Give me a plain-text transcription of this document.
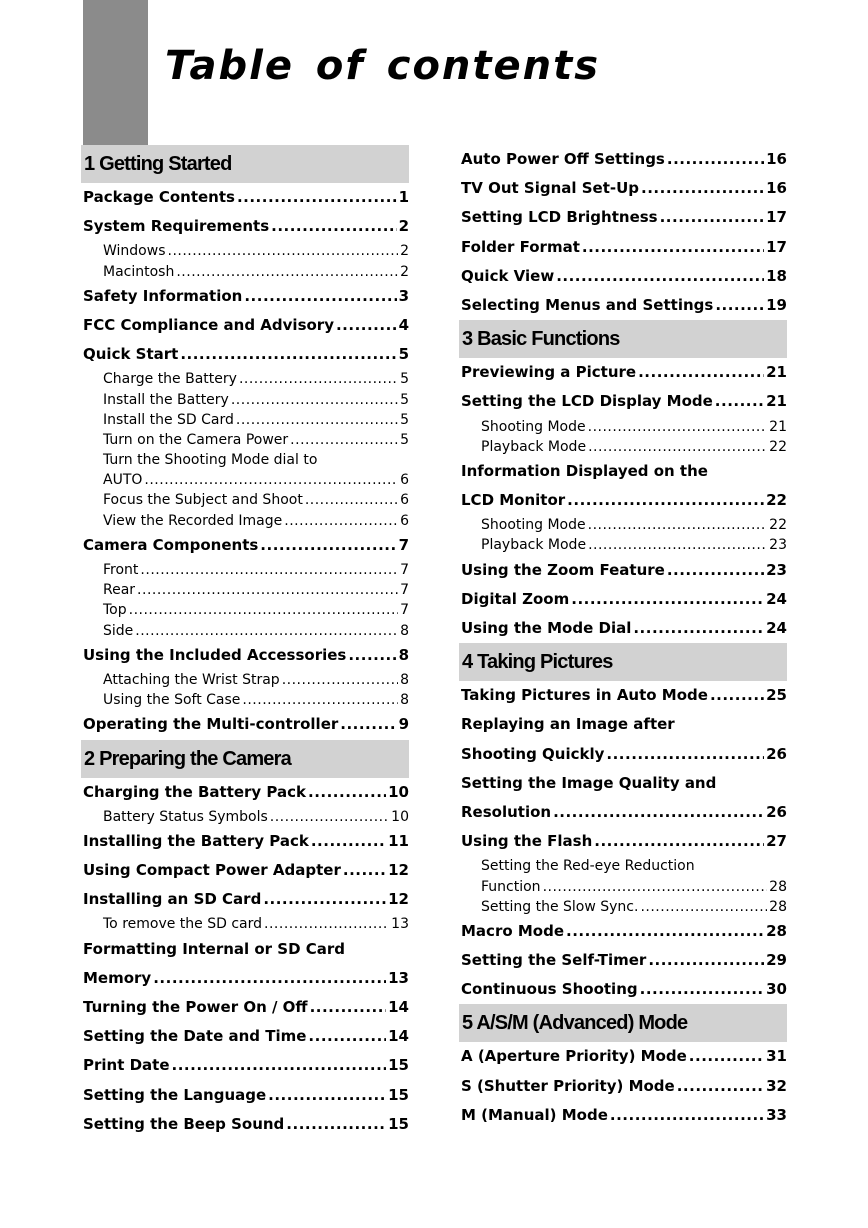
Table of contents
1 Getting Started
Package Contents .....	1
System Requirements .....	2
Windows .....	2
Macintosh .....	2
Safety Information .....	3
FCC Compliance and Advisory .....	4
Quick Start .....	5
Charge the Battery .....	5
Install the Battery .....	5
Install the SD Card .....	5
Turn on the Camera Power .....	5
Turn the Shooting Mode dial to
AUTO .....	6
Focus the Subject and Shoot .....	6
View the Recorded Image .....	6
Camera Components .....	7
Front .....	7
Rear .....	7
Top .....	7
Side .....	8
Using the Included Accessories .....	8
Attaching the Wrist Strap .....	8
Using the Soft Case .....	8
Operating the Multi-controller .....	9
2 Preparing the Camera
Charging the Battery Pack .....	10
Battery Status Symbols .....	10
Installing the Battery Pack .....	11
Using Compact Power Adapter .....	12
Installing an SD Card .....	12
To remove the SD card .....	13
Formatting Internal or SD Card
Memory .....	13
Turning the Power On / Off .....	14
Setting the Date and Time .....	14
Print Date .....	15
Setting the Language .....	15
Setting the Beep Sound .....	15
Auto Power Off Settings .....	16
TV Out Signal Set-Up .....	16
Setting LCD Brightness .....	17
Folder Format .....	17
Quick View .....	18
Selecting Menus and Settings .....	19
3 Basic Functions
Previewing a Picture .....	21
Setting the LCD Display Mode .....	21
Shooting Mode .....	21
Playback Mode .....	22
Information Displayed on the
LCD Monitor .....	22
Shooting Mode .....	22
Playback Mode .....	23
Using the Zoom Feature .....	23
Digital Zoom .....	24
Using the Mode Dial .....	24
4 Taking Pictures
Taking Pictures in Auto Mode .....	25
Replaying an Image after
Shooting Quickly .....	26
Setting the Image Quality and
Resolution .....	26
Using the Flash .....	27
Setting the Red-eye Reduction
Function .....	28
Setting the Slow Sync. .....	28
Macro Mode .....	28
Setting the Self-Timer .....	29
Continuous Shooting .....	30
5 A/S/M (Advanced) Mode
A (Aperture Priority) Mode .....	31
S (Shutter Priority) Mode .....	32
M (Manual) Mode .....	33
